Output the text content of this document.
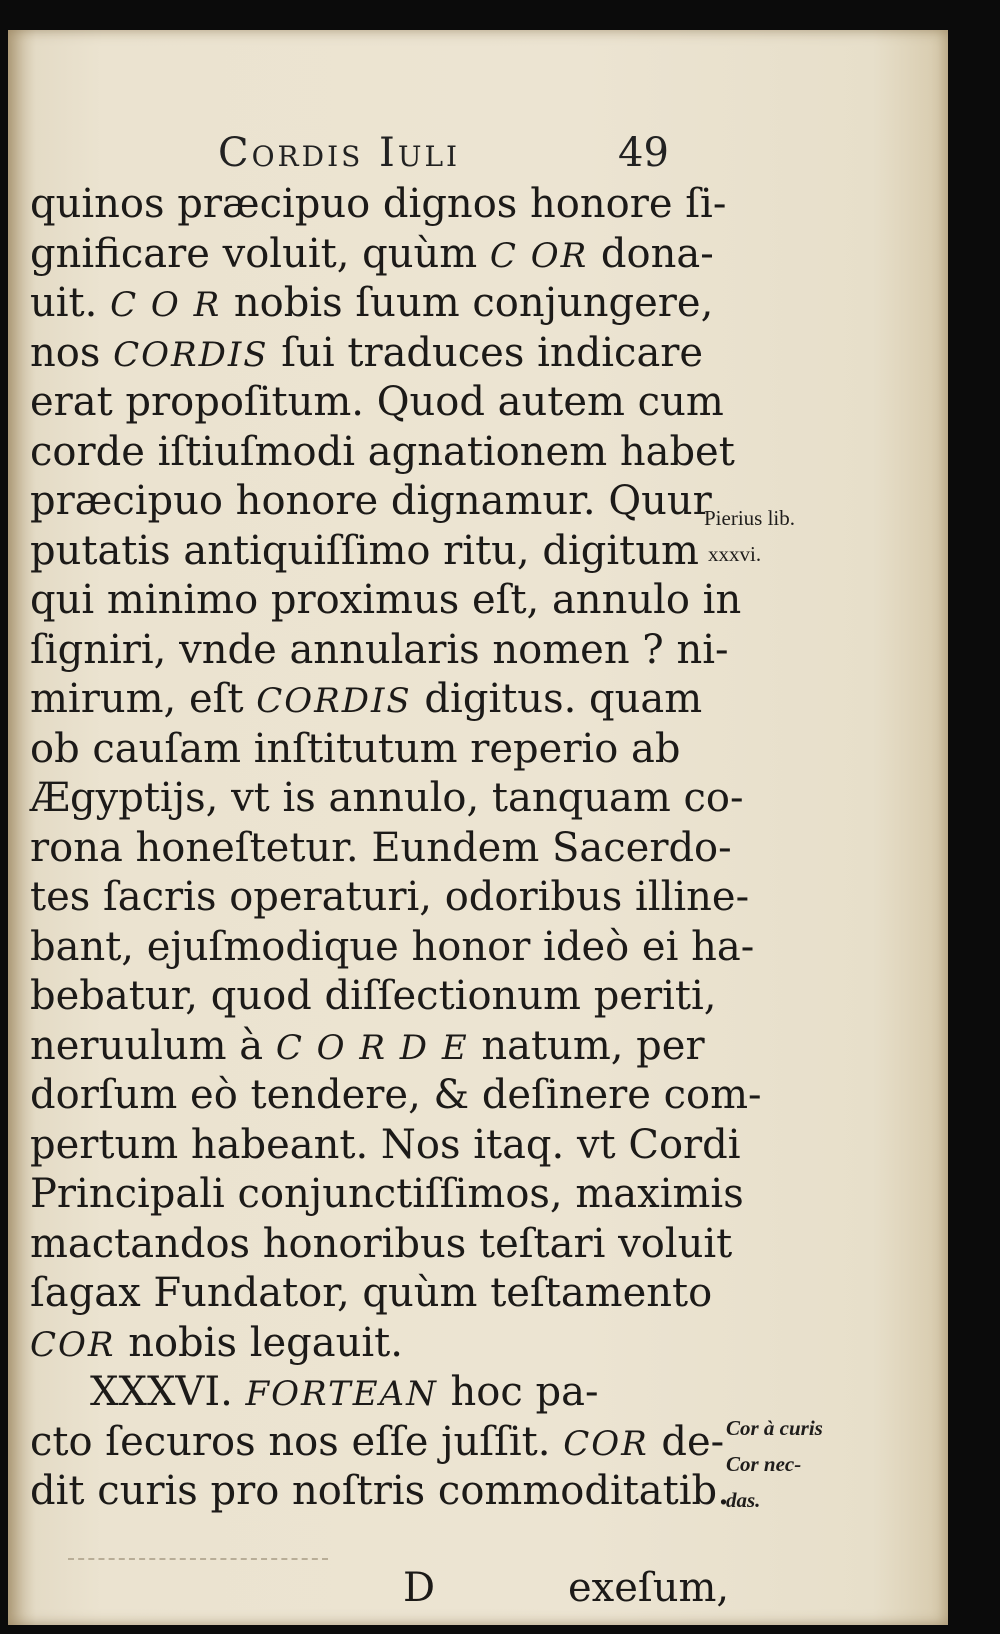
Cordis Iuli	49
quinos præcipuo dignos honore ſi-
gnificare voluit, quùm C OR dona-
uit. C O R nobis ſuum conjungere,
nos CORDIS ſui traduces indicare
erat propoſitum. Quod autem cum
corde iſtiuſmodi agnationem habet
præcipuo honore dignamur. Quur
putatis antiquiſſimo ritu, digitum
qui minimo proximus eſt, annulo in
ſigniri, vnde annularis nomen ? ni-
mirum, eſt CORDIS digitus. quam
ob cauſam inſtitutum reperio ab
Ægyptijs, vt is annulo, tanquam co-
rona honeſtetur. Eundem Sacerdo-
tes ſacris operaturi, odoribus illine-
bant, ejuſmodique honor ideò ei ha-
bebatur, quod diſſectionum periti,
neruulum à C O R D E natum, per
dorſum eò tendere, & deſinere com-
pertum habeant. Nos itaq. vt Cordi
Principali conjunctiſſimos, maximis
mactandos honoribus teſtari voluit
ſagax Fundator, quùm teſtamento
COR nobis legauit.
XXXVI. FORTEAN hoc pa-
cto ſecuros nos eſſe juſſit. COR de-
dit curis pro noſtris commoditatib.
Pierius lib.
xxxvi.
Cor à curis
Cor nec-
das.
D	exeſum,
